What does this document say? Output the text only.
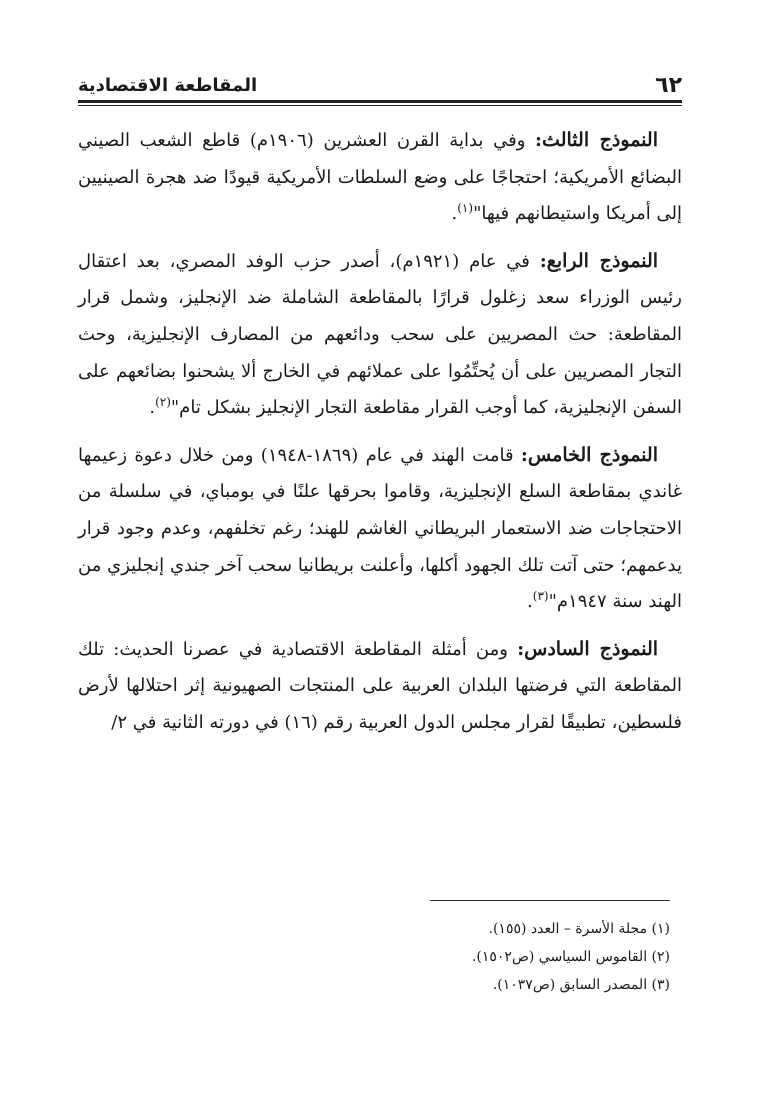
٦٢
المقاطعة الاقتصادية

النموذج الثالث: وفي بداية القرن العشرين (١٩٠٦م) قاطع الشعب الصيني البضائع الأمريكية؛ احتجاجًا على وضع السلطات الأمريكية قيودًا ضد هجرة الصينيين إلى أمريكا واستيطانهم فيها"$^{(١)}$.

النموذج الرابع: في عام (١٩٢١م)، أصدر حزب الوفد المصري، بعد اعتقال رئيس الوزراء سعد زغلول قرارًا بالمقاطعة الشاملة ضد الإنجليز، وشمل قرار المقاطعة: حث المصريين على سحب ودائعهم من المصارف الإنجليزية، وحث التجار المصريين على أن يُحتِّمُوا على عملائهم في الخارج ألا يشحنوا بضائعهم على السفن الإنجليزية، كما أوجب القرار مقاطعة التجار الإنجليز بشكل تام"$^{(٢)}$.

النموذج الخامس: قامت الهند في عام (١٨٦٩-١٩٤٨) ومن خلال دعوة زعيمها غاندي بمقاطعة السلع الإنجليزية، وقاموا بحرقها علنًا في بومباي، في سلسلة من الاحتجاجات ضد الاستعمار البريطاني الغاشم للهند؛ رغم تخلفهم، وعدم وجود قرار يدعمهم؛ حتى آتت تلك الجهود أكلها، وأعلنت بريطانيا سحب آخر جندي إنجليزي من الهند سنة ١٩٤٧م"$^{(٣)}$.

النموذج السادس: ومن أمثلة المقاطعة الاقتصادية في عصرنا الحديث: تلك المقاطعة التي فرضتها البلدان العربية على المنتجات الصهيونية إثر احتلالها لأرض فلسطين، تطبيقًا لقرار مجلس الدول العربية رقم (١٦) في دورته الثانية في ٢/

(١) مجلة الأسرة – العدد (١٥٥).
(٢) القاموس السياسي (ص١٥٠٢).
(٣) المصدر السابق (ص١٠٣٧).
